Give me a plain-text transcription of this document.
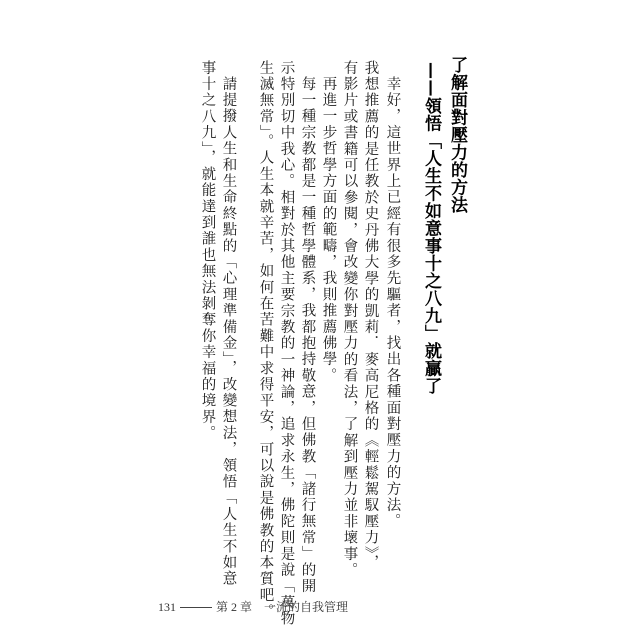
了解面對壓力的方法
——領悟「人生不如意事十之八九」就贏了
幸好，這世界上已經有很多先驅者，找出各種面對壓力的方法。
我想推薦的是任教於史丹佛大學的凱莉．麥高尼格的《輕鬆駕馭壓力》，
有影片或書籍可以參閱，會改變你對壓力的看法，了解到壓力並非壞事。
再進一步哲學方面的範疇，我則推薦佛學。
每一種宗教都是一種哲學體系，我都抱持敬意，但佛教「諸行無常」的開
示特別切中我心。相對於其他主要宗教的一神論，追求永生，佛陀則是說「萬物
生滅無常」。人生本就辛苦，如何在苦難中求得平安，可以說是佛教的本質吧。
請提撥人生和生命終點的「心理準備金」，改變想法，領悟「人生不如意
事十之八九」，就能達到誰也無法剝奪你幸福的境界。
131	第 2 章　一流的自我管理
